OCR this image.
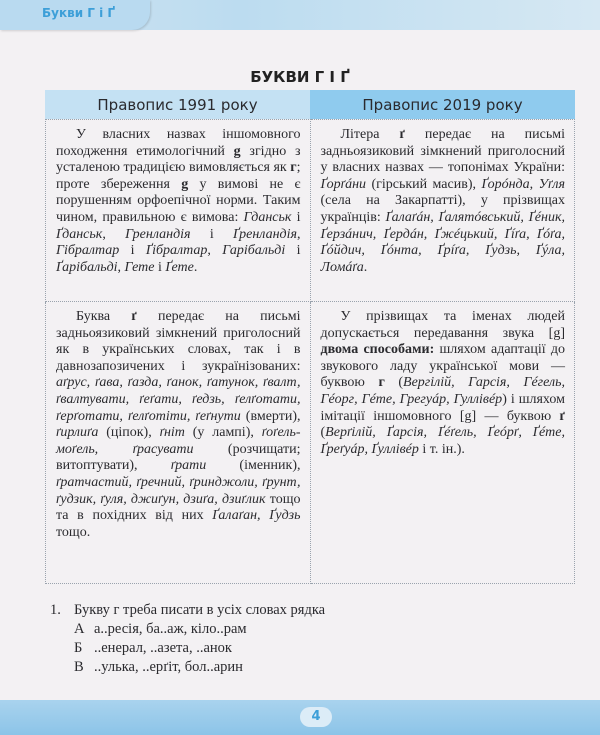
Букви Г і Ґ
БУКВИ Г І Ґ
Правопис 1991 року	Правопис 2019 року

У власних назвах іншомовного походження етимологічний g згідно з усталеною традицією вимовляється як г; проте збереження g у вимові не є порушенням орфоепічної норми. Таким чином, правильною є вимова: Гданськ і Ґданськ, Гренландія і Ґренландія, Гібралтар і Ґібралтар, Гарібальді і Ґарібальді, Гете і Ґете.

Літера ґ передає на письмі задньоязиковий зімкнений приголосний у власних назвах — топонімах України: Ґорґáни (гірський масив), Ґорóнда, Уґля (села на Закарпатті), у прізвищах українців: Ґалаґáн, Ґалятóвський, Ґéник, Ґерзáнич, Ґердáн, Ґжéцький, Ґíґа, Ґóґа, Ґóйдич, Ґóнта, Ґрíґа, Ґудзь, Ґýла, Ломáґа.

Буква ґ передає на письмі задньоязиковий зімкнений приголосний як в українських словах, так і в давнозапозичених і зукраїнізованих: аґрус, ґава, ґазда, ґанок, ґатунок, ґвалт, ґвалтувати, ґеґати, ґедзь, ґелґотати, ґерґотати, ґелґотіти, ґеґнути (вмерти), ґирлиґа (ціпок), ґніт (у лампі), ґоґель-моґель, ґрасувати (розчищати; витоптувати), ґрати (іменник), ґратчастий, ґречний, ґринджоли, ґрунт, ґудзик, ґуля, джиґун, дзиґа, дзиґлик тощо та в похідних від них Ґалаґан, Ґудзь тощо.

У прізвищах та іменах людей допускається передавання звука [g] двома способами: шляхом адаптації до звукового ладу української мови — буквою г (Вергілій, Гарсія, Гéгель, Гéорг, Гéте, Грегуáр, Гуллівéр) і шляхом імітації іншомовного [g] — буквою ґ (Верґілій, Ґарсія, Ґéґель, Ґеóрґ, Ґéте, Ґреґуáр, Ґуллівéр і т. ін.).

1. Букву г треба писати в усіх словах рядка
А а..ресія, ба..аж, кіло..рам
Б ..енерал, ..азета, ..анок
В ..улька, ..ерґіт, бол..арин
4
